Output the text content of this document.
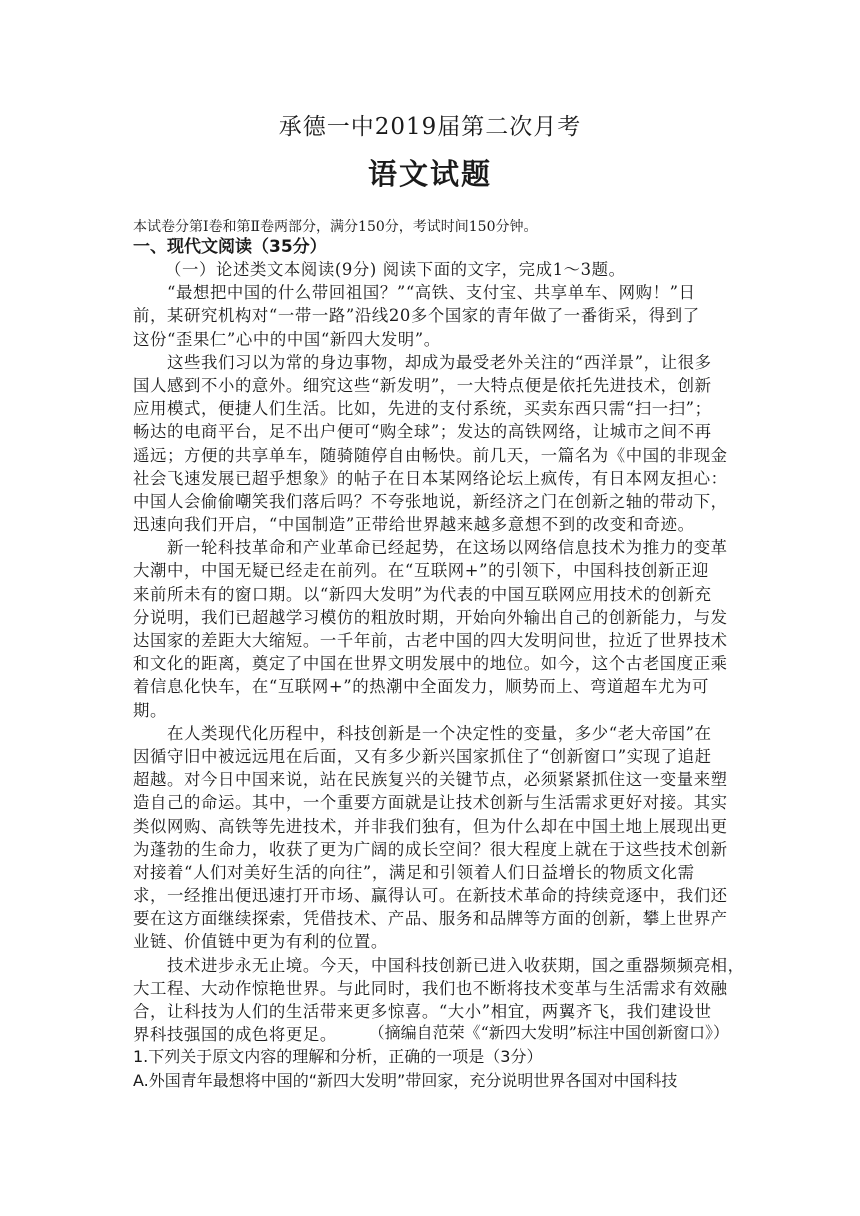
承德一中2019届第二次月考
语文试题
本试卷分第Ⅰ卷和第Ⅱ卷两部分，满分150分，考试时间150分钟。
一、现代文阅读（35分）
（一）论述类文本阅读(9分) 阅读下面的文字，完成1～3题。
　　“最想把中国的什么带回祖国？”“高铁、支付宝、共享单车、网购！”日
前，某研究机构对“一带一路”沿线20多个国家的青年做了一番街采，得到了
这份“歪果仁”心中的中国“新四大发明”。
　　这些我们习以为常的身边事物，却成为最受老外关注的“西洋景”，让很多
国人感到不小的意外。细究这些“新发明”，一大特点便是依托先进技术，创新
应用模式，便捷人们生活。比如，先进的支付系统，买卖东西只需“扫一扫”；
畅达的电商平台，足不出户便可“购全球”；发达的高铁网络，让城市之间不再
遥远；方便的共享单车，随骑随停自由畅快。前几天，一篇名为《中国的非现金
社会飞速发展已超乎想象》的帖子在日本某网络论坛上疯传，有日本网友担心：
中国人会偷偷嘲笑我们落后吗？不夸张地说，新经济之门在创新之轴的带动下，
迅速向我们开启，“中国制造”正带给世界越来越多意想不到的改变和奇迹。
　　新一轮科技革命和产业革命已经起势，在这场以网络信息技术为推力的变革
大潮中，中国无疑已经走在前列。在“互联网+”的引领下，中国科技创新正迎
来前所未有的窗口期。以“新四大发明”为代表的中国互联网应用技术的创新充
分说明，我们已超越学习模仿的粗放时期，开始向外输出自己的创新能力，与发
达国家的差距大大缩短。一千年前，古老中国的四大发明问世，拉近了世界技术
和文化的距离，奠定了中国在世界文明发展中的地位。如今，这个古老国度正乘
着信息化快车，在“互联网+”的热潮中全面发力，顺势而上、弯道超车尤为可
期。
　　在人类现代化历程中，科技创新是一个决定性的变量，多少“老大帝国”在
因循守旧中被远远甩在后面，又有多少新兴国家抓住了“创新窗口”实现了追赶
超越。对今日中国来说，站在民族复兴的关键节点，必须紧紧抓住这一变量来塑
造自己的命运。其中，一个重要方面就是让技术创新与生活需求更好对接。其实
类似网购、高铁等先进技术，并非我们独有，但为什么却在中国土地上展现出更
为蓬勃的生命力，收获了更为广阔的成长空间？很大程度上就在于这些技术创新
对接着“人们对美好生活的向往”，满足和引领着人们日益增长的物质文化需
求，一经推出便迅速打开市场、赢得认可。在新技术革命的持续竞逐中，我们还
要在这方面继续探索，凭借技术、产品、服务和品牌等方面的创新，攀上世界产
业链、价值链中更为有利的位置。
　　技术进步永无止境。今天，中国科技创新已进入收获期，国之重器频频亮相，
大工程、大动作惊艳世界。与此同时，我们也不断将技术变革与生活需求有效融
合，让科技为人们的生活带来更多惊喜。“大小”相宜，两翼齐飞，我们建设世
界科技强国的成色将更足。	（摘编自范荣《“新四大发明”标注中国创新窗口》）
1.下列关于原文内容的理解和分析，正确的一项是（3分）
A.外国青年最想将中国的“新四大发明”带回家，充分说明世界各国对中国科技
